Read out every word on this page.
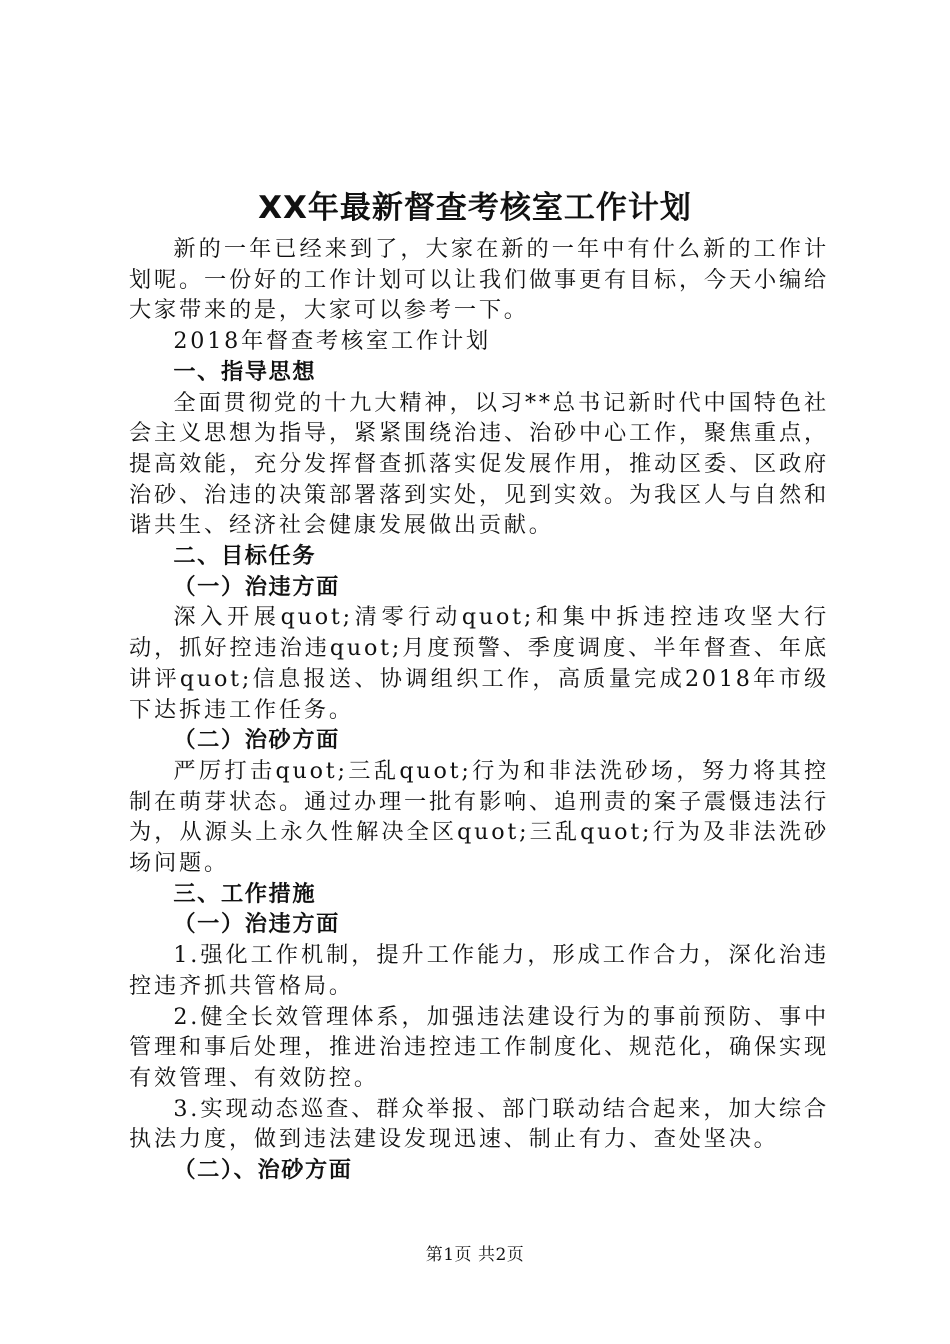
XX年最新督查考核室工作计划

新的一年已经来到了，大家在新的一年中有什么新的工作计划呢。一份好的工作计划可以让我们做事更有目标，今天小编给大家带来的是，大家可以参考一下。

2018年督查考核室工作计划

一、指导思想

全面贯彻党的十九大精神，以习**总书记新时代中国特色社会主义思想为指导，紧紧围绕治违、治砂中心工作，聚焦重点，提高效能，充分发挥督查抓落实促发展作用，推动区委、区政府治砂、治违的决策部署落到实处，见到实效。为我区人与自然和谐共生、经济社会健康发展做出贡献。

二、目标任务

（一）治违方面

深入开展quot;清零行动quot;和集中拆违控违攻坚大行动，抓好控违治违quot;月度预警、季度调度、半年督查、年底讲评quot;信息报送、协调组织工作，高质量完成2018年市级下达拆违工作任务。

（二）治砂方面

严厉打击quot;三乱quot;行为和非法洗砂场，努力将其控制在萌芽状态。通过办理一批有影响、追刑责的案子震慑违法行为，从源头上永久性解决全区quot;三乱quot;行为及非法洗砂场问题。

三、工作措施

（一）治违方面

1.强化工作机制，提升工作能力，形成工作合力，深化治违控违齐抓共管格局。

2.健全长效管理体系，加强违法建设行为的事前预防、事中管理和事后处理，推进治违控违工作制度化、规范化，确保实现有效管理、有效防控。

3.实现动态巡查、群众举报、部门联动结合起来，加大综合执法力度，做到违法建设发现迅速、制止有力、查处坚决。

（二）、治砂方面

第1页 共2页
